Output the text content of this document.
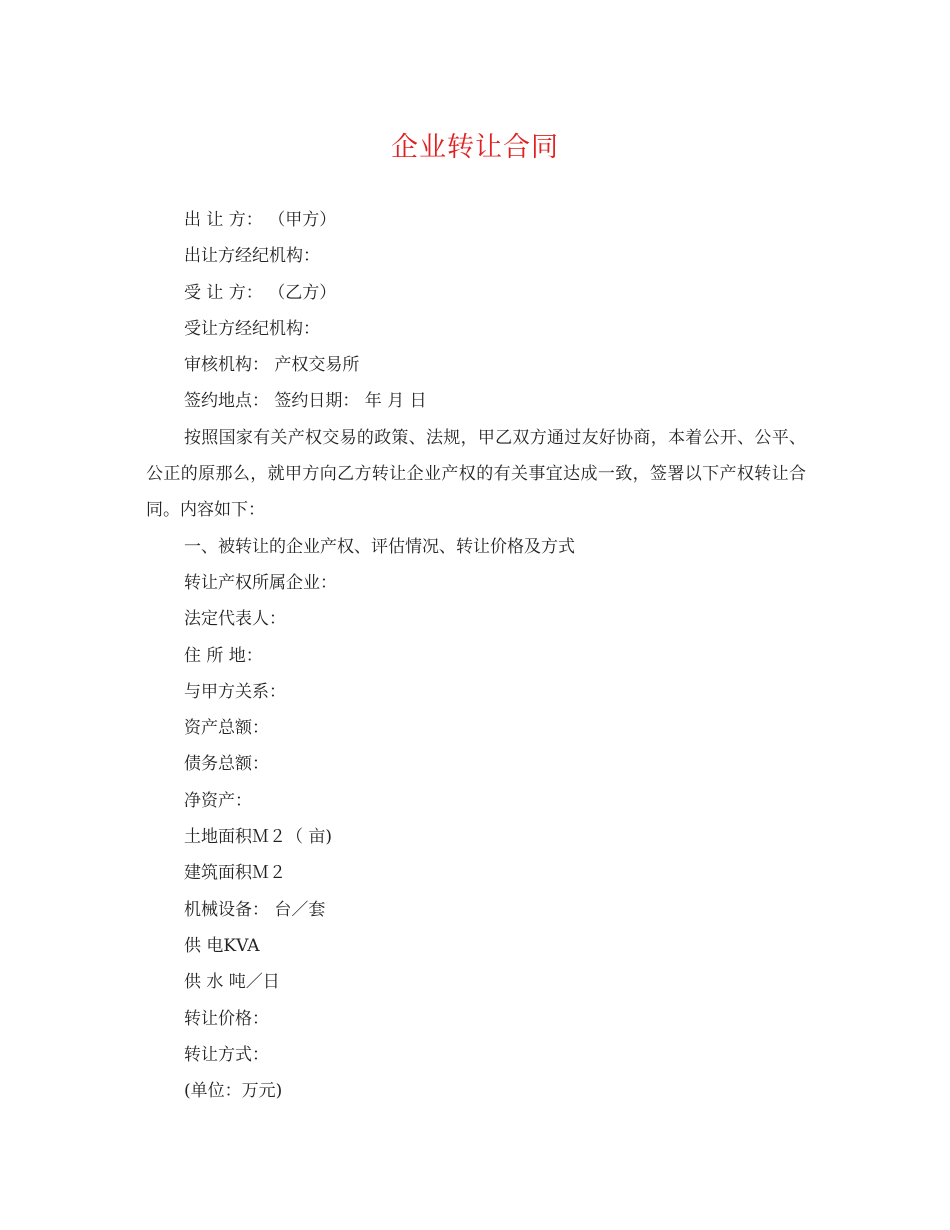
企业转让合同

出 让 方： （甲方）

出让方经纪机构：

受 让 方： （乙方）

受让方经纪机构：

审核机构： 产权交易所

签约地点： 签约日期： 年 月 日

按照国家有关产权交易的政策、法规，甲乙双方通过友好协商，本着公开、公平、公正的原那么，就甲方向乙方转让企业产权的有关事宜达成一致，签署以下产权转让合同。内容如下：

一、被转让的企业产权、评估情况、转让价格及方式

转让产权所属企业：

法定代表人：

住 所 地：

与甲方关系：

资产总额：

债务总额：

净资产：

土地面积Ｍ２（ 亩)

建筑面积Ｍ２

机械设备： 台／套

供 电KVA

供 水 吨／日

转让价格：

转让方式：

(单位：万元)
